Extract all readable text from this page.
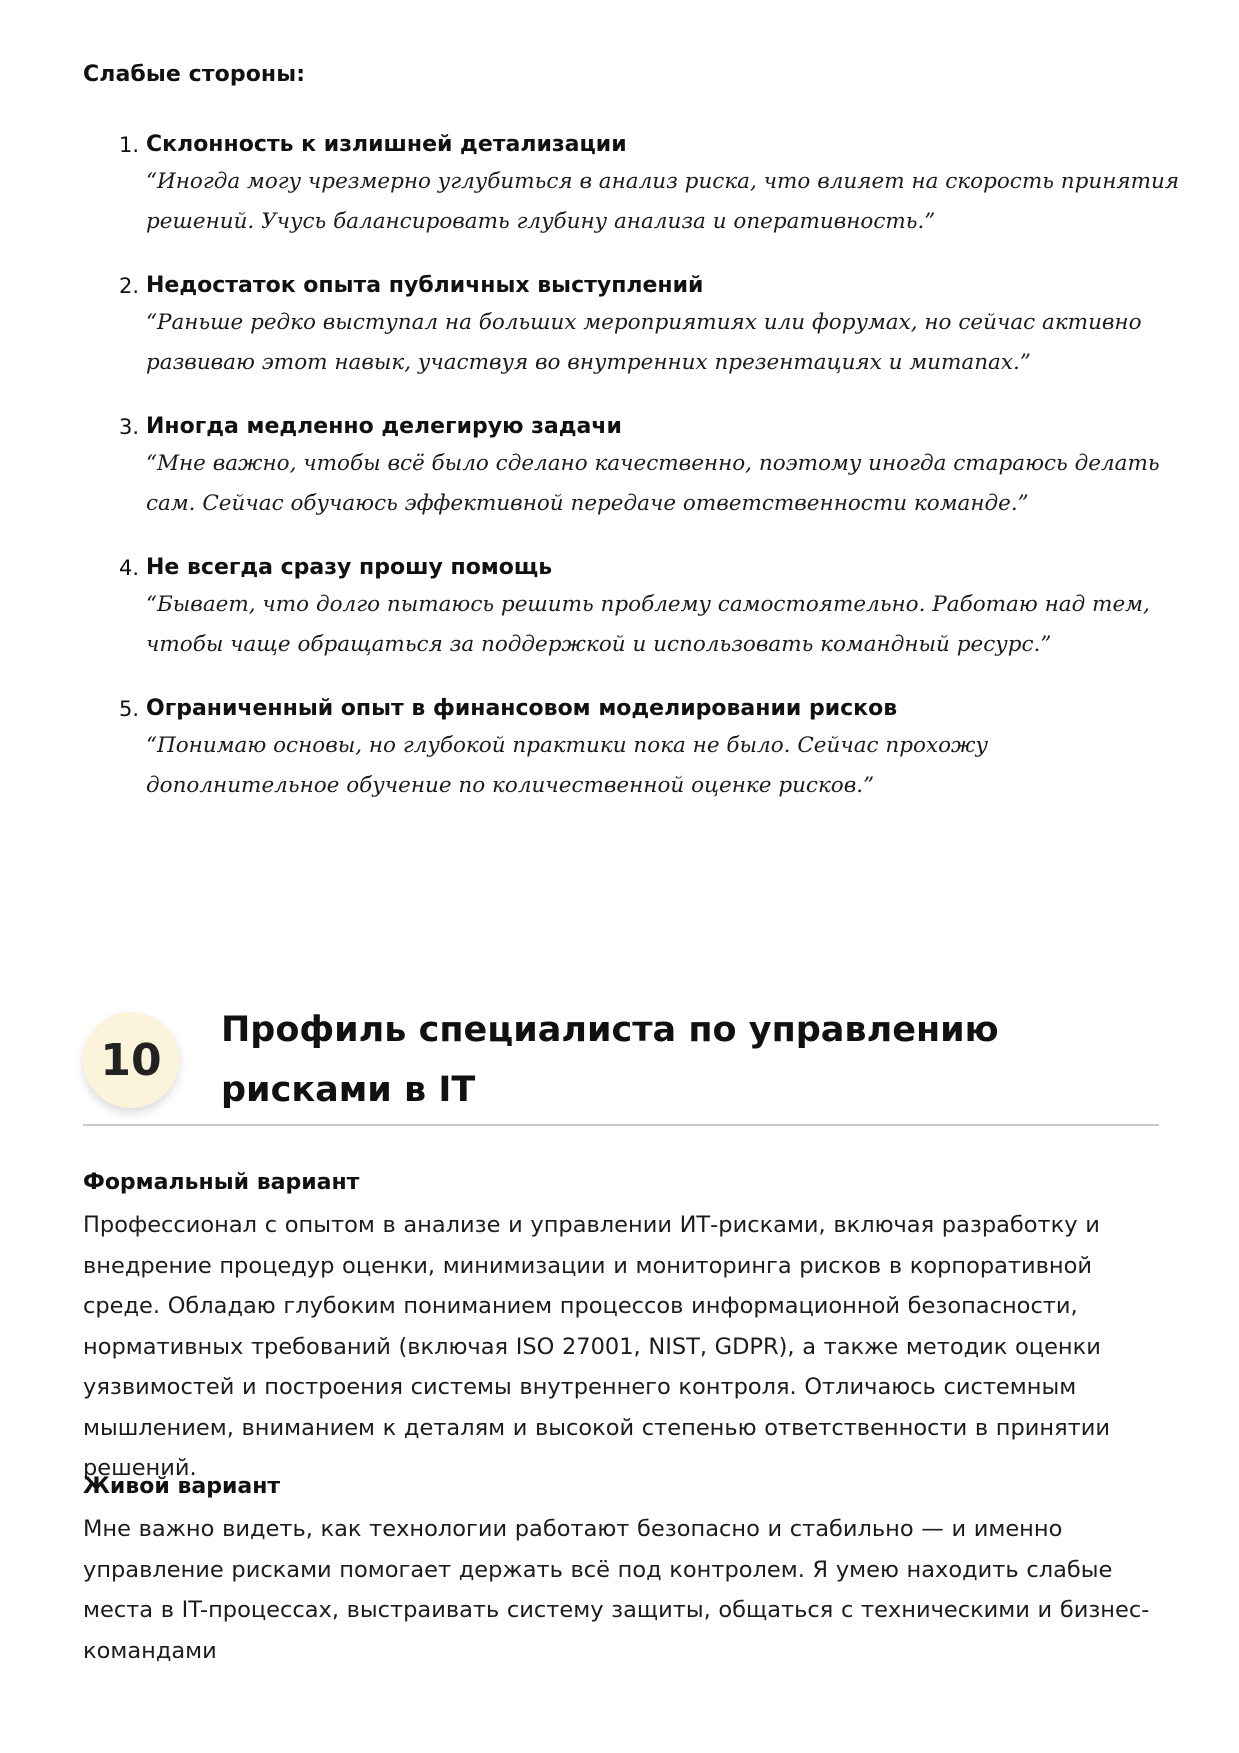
Слабые стороны:
1. Склонность к излишней детализации
“Иногда могу чрезмерно углубиться в анализ риска, что влияет на скорость принятия решений. Учусь балансировать глубину анализа и оперативность.”
2. Недостаток опыта публичных выступлений
“Раньше редко выступал на больших мероприятиях или форумах, но сейчас активно развиваю этот навык, участвуя во внутренних презентациях и митапах.”
3. Иногда медленно делегирую задачи
“Мне важно, чтобы всё было сделано качественно, поэтому иногда стараюсь делать сам. Сейчас обучаюсь эффективной передаче ответственности команде.”
4. Не всегда сразу прошу помощь
“Бывает, что долго пытаюсь решить проблему самостоятельно. Работаю над тем, чтобы чаще обращаться за поддержкой и использовать командный ресурс.”
5. Ограниченный опыт в финансовом моделировании рисков
“Понимаю основы, но глубокой практики пока не было. Сейчас прохожу дополнительное обучение по количественной оценке рисков.”
10
Профиль специалиста по управлению рисками в IT
Формальный вариант
Профессионал с опытом в анализе и управлении ИТ-рисками, включая разработку и внедрение процедур оценки, минимизации и мониторинга рисков в корпоративной среде. Обладаю глубоким пониманием процессов информационной безопасности, нормативных требований (включая ISO 27001, NIST, GDPR), а также методик оценки уязвимостей и построения системы внутреннего контроля. Отличаюсь системным мышлением, вниманием к деталям и высокой степенью ответственности в принятии решений.
Живой вариант
Мне важно видеть, как технологии работают безопасно и стабильно — и именно управление рисками помогает держать всё под контролем. Я умею находить слабые места в IT-процессах, выстраивать систему защиты, общаться с техническими и бизнес-командами
